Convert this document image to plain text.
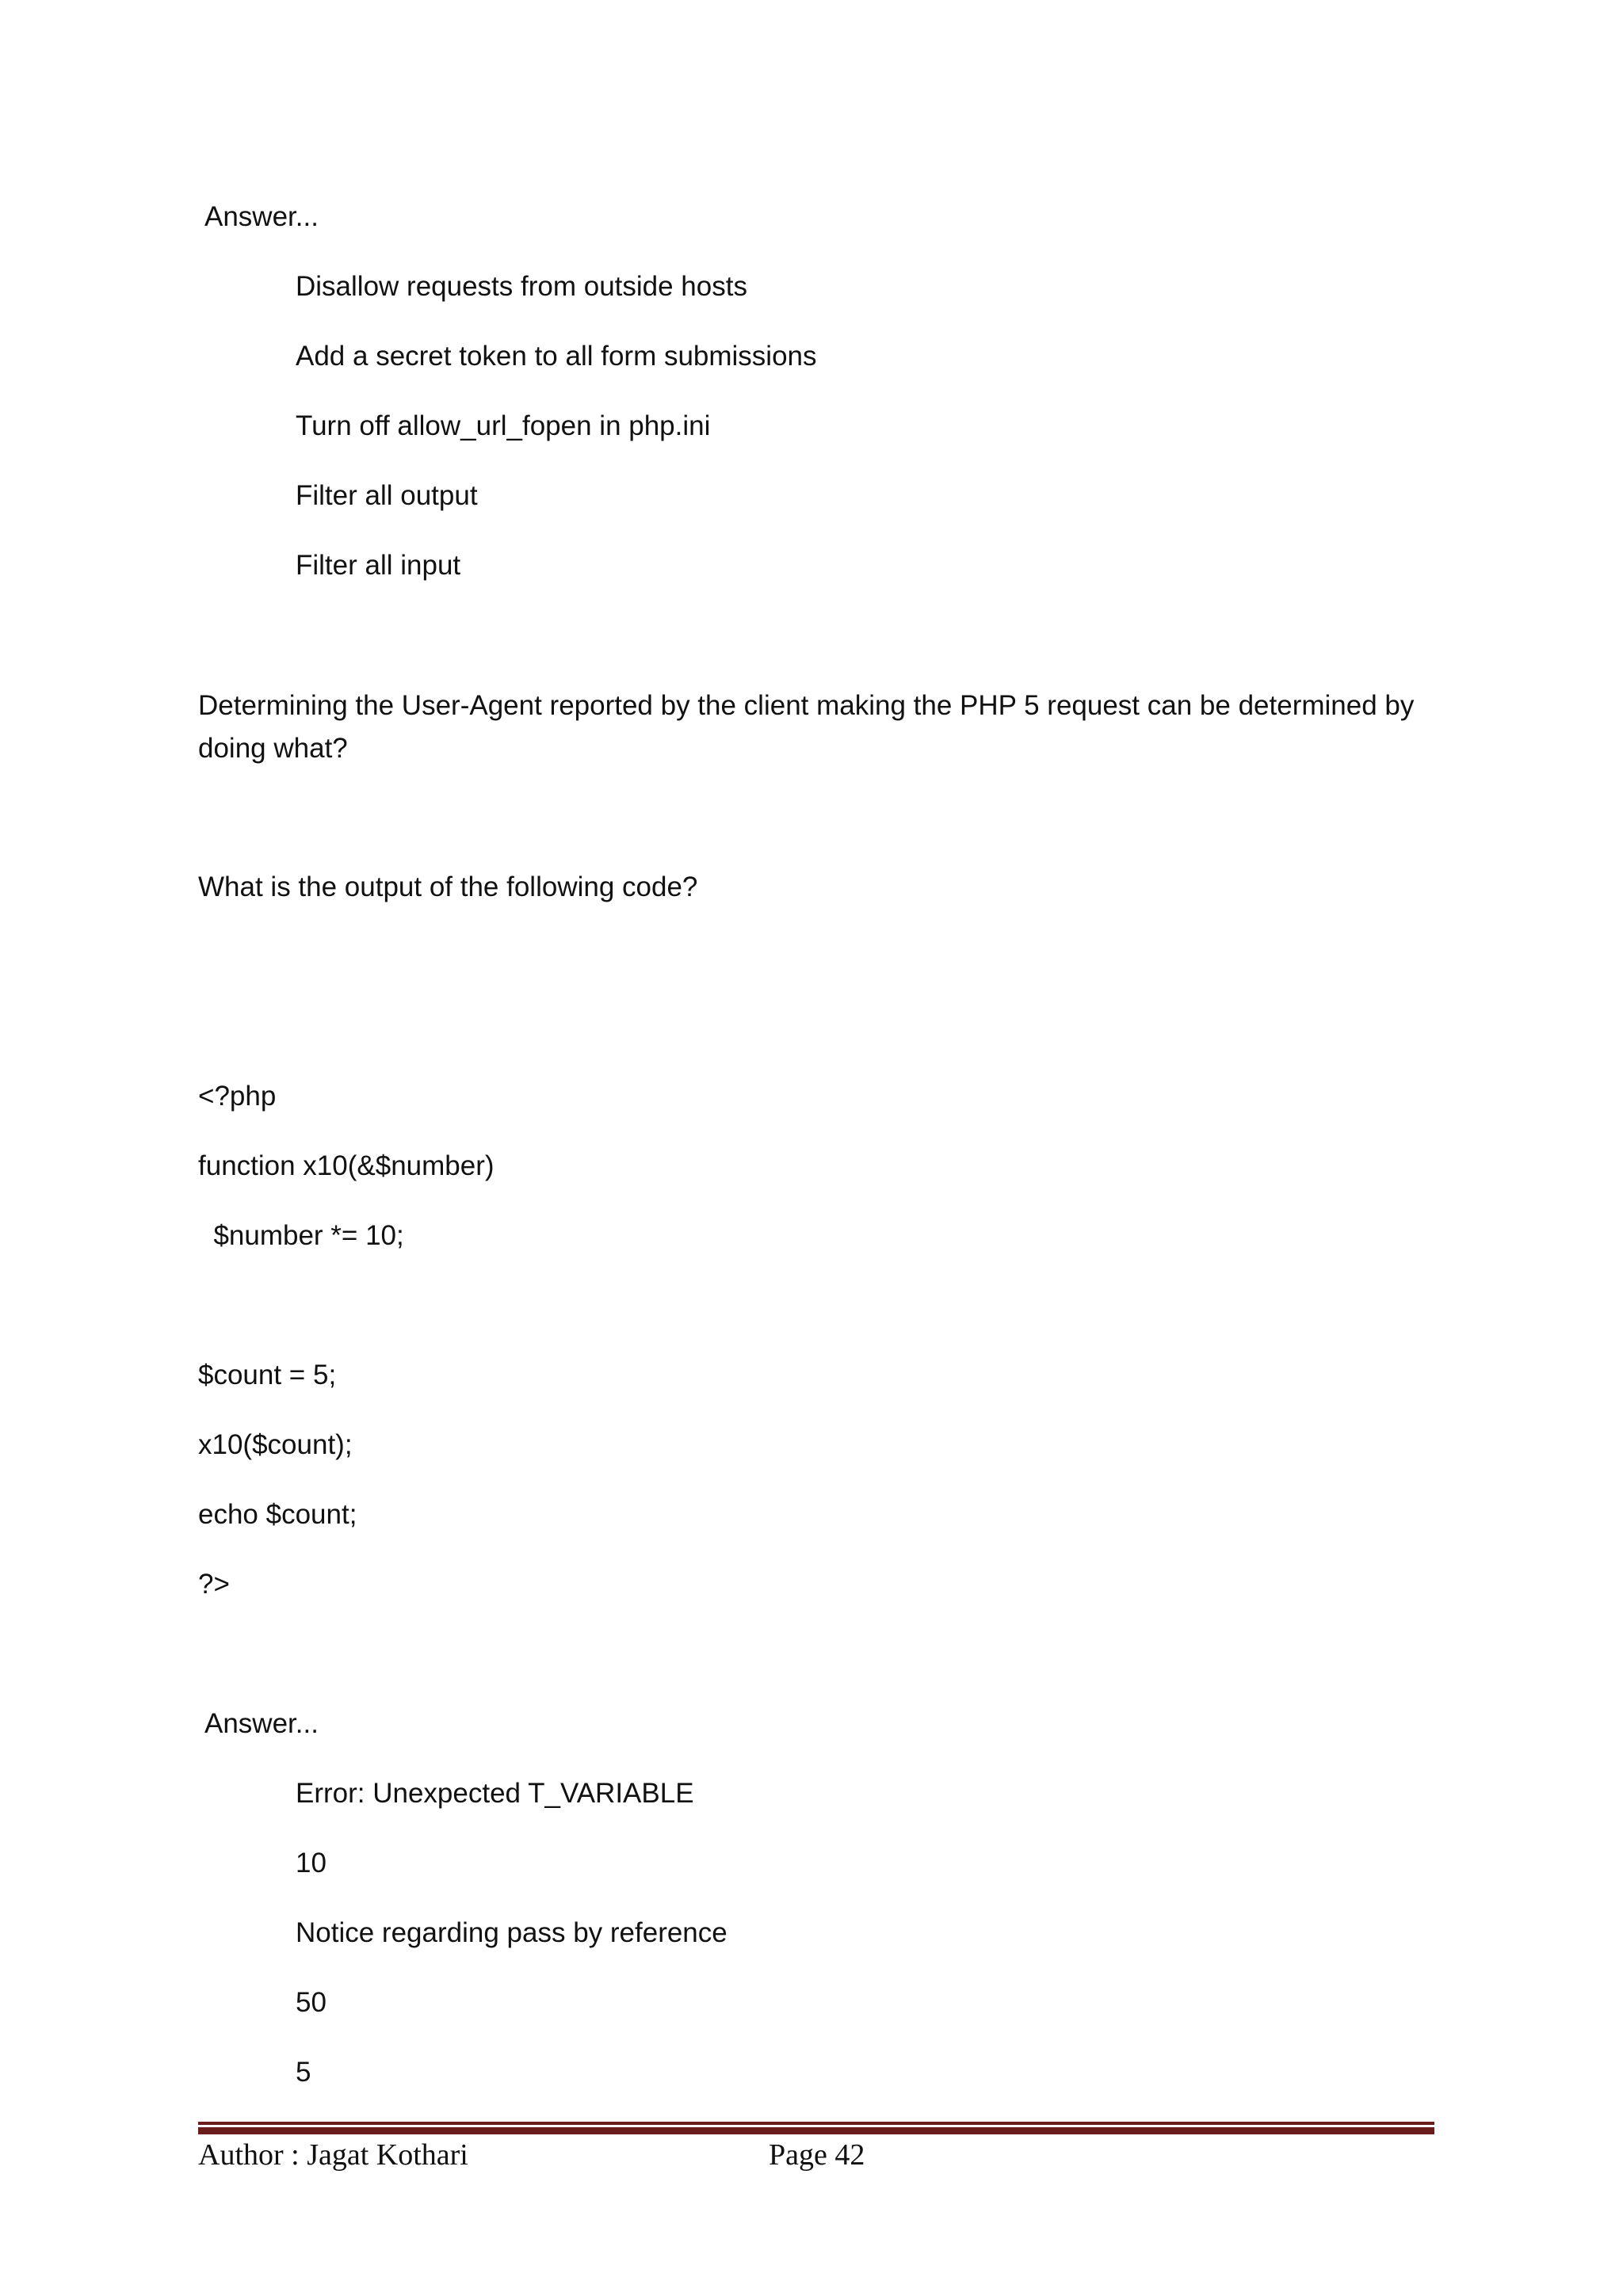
Answer...
Disallow requests from outside hosts
Add a secret token to all form submissions
Turn off allow_url_fopen in php.ini
Filter all output
Filter all input
Determining the User-Agent reported by the client making the PHP 5 request can be determined by doing what?
What is the output of the following code?
<?php
function x10(&$number)
$number *= 10;
$count = 5;
x10($count);
echo $count;
?>
Answer...
Error: Unexpected T_VARIABLE
10
Notice regarding pass by reference
50
5
Author : Jagat Kothari	Page 42
